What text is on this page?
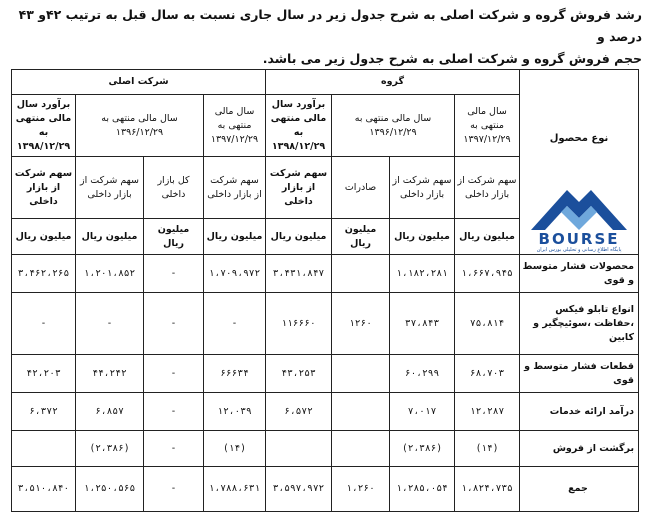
رشد فروش گروه و شرکت اصلی به شرح جدول زیر در سال جاری نسبت به سال قبل به ترتیب ۴۲و ۴۳ درصد و
حجم فروش گروه و شرکت اصلی به شرح جدول زیر می باشد.
نوع محصول
BOURSE
پایگاه اطلاع رسانی و تحلیلی بورس ایران	گروه				شرکت اصلی			
	سال مالی منتهی به ۱۳۹۷/۱۲/۲۹	سال مالی منتهی به ۱۳۹۶/۱۲/۲۹		برآورد سال مالی منتهی به ۱۳۹۸/۱۲/۲۹	سال مالی منتهی به ۱۳۹۷/۱۲/۲۹	سال مالی منتهی به ۱۳۹۶/۱۲/۲۹		برآورد سال مالی منتهی به ۱۳۹۸/۱۲/۲۹
	سهم شرکت از بازار داخلی	سهم شرکت از بازار داخلی	صادرات	سهم شرکت از بازار داخلی	سهم شرکت از بازار داخلی	کل بازار داخلی	سهم شرکت از بازار داخلی	سهم شرکت از بازار داخلی
	میلیون ریال	میلیون ریال	میلیون ریال	میلیون ریال	میلیون ریال	میلیون ریال	میلیون ریال	میلیون ریال
محصولات فشار متوسط و قوی	۱،۶۶۷،۹۴۵	۱،۱۸۲،۲۸۱		۳،۴۳۱،۸۴۷	۱،۷۰۹،۹۷۲	-	۱،۲۰۱،۸۵۲	۳،۴۶۲،۲۶۵
انواع تابلو فیکس ،حفاظت ،سوئیچگیر و کابین	۷۵،۸۱۴	۳۷،۸۴۳	۱۲۶۰	۱۱۶۶۶۰	-	-	-	-
قطعات فشار متوسط و قوی	۶۸،۷۰۳	۶۰،۲۹۹		۴۳،۲۵۳	۶۶۶۳۴	-	۴۴،۲۴۲	۴۲،۲۰۳
درآمد ارائه خدمات	۱۲،۲۸۷	۷،۰۱۷		۶،۵۷۲	۱۲،۰۳۹	-	۶،۸۵۷	۶،۳۷۲
برگشت از فروش	(۱۴)	(۲،۳۸۶)			(۱۴)	-	(۲،۳۸۶)	
جمع	۱،۸۲۴،۷۳۵	۱،۲۸۵،۰۵۴	۱،۲۶۰	۳،۵۹۷،۹۷۲	۱،۷۸۸،۶۳۱	-	۱،۲۵۰،۵۶۵	۳،۵۱۰،۸۴۰
